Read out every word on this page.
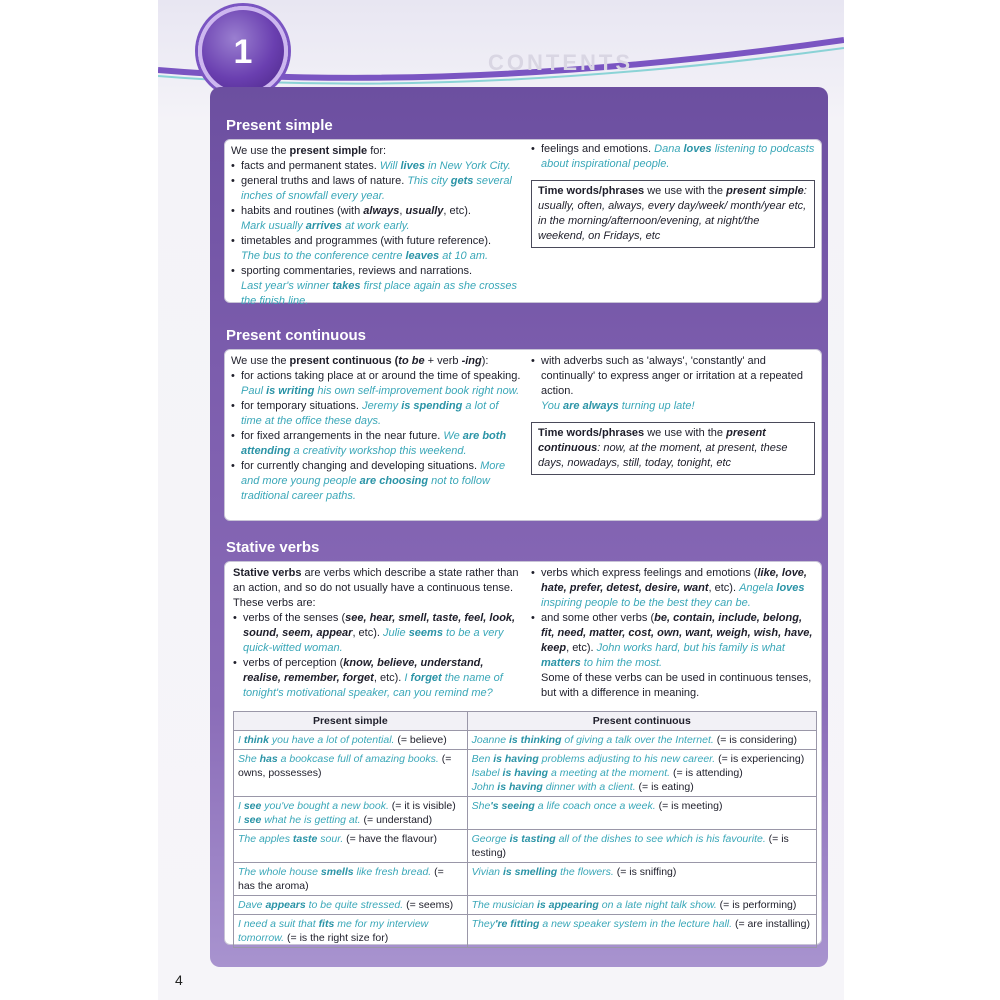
CONTENTS
1
Present simple

We use the present simple for:

• facts and permanent states. Will lives in New York City.
• general truths and laws of nature. This city gets several inches of snowfall every year.
• habits and routines (with always, usually, etc).
Mark usually arrives at work early.
• timetables and programmes (with future reference).
The bus to the conference centre leaves at 10 am.
• sporting commentaries, reviews and narrations.
Last year's winner takes first place again as she crosses the finish line.
• feelings and emotions. Dana loves listening to podcasts about inspirational people.
Time words/phrases we use with the present simple: usually, often, always, every day/week/ month/year etc, in the morning/afternoon/evening, at night/the weekend, on Fridays, etc
Present continuous

We use the present continuous (to be + verb -ing):

• for actions taking place at or around the time of speaking. Paul is writing his own self-improvement book right now.
• for temporary situations. Jeremy is spending a lot of time at the office these days.
• for fixed arrangements in the near future. We are both attending a creativity workshop this weekend.
• for currently changing and developing situations. More and more young people are choosing not to follow traditional career paths.
• with adverbs such as 'always', 'constantly' and continually' to express anger or irritation at a repeated action.
You are always turning up late!
Time words/phrases we use with the present continuous: now, at the moment, at present, these days, nowadays, still, today, tonight, etc
Stative verbs

Stative verbs are verbs which describe a state rather than an action, and so do not usually have a continuous tense. These verbs are:

• verbs of the senses (see, hear, smell, taste, feel, look, sound, seem, appear, etc). Julie seems to be a very quick-witted woman.
• verbs of perception (know, believe, understand, realise, remember, forget, etc). I forget the name of tonight's motivational speaker, can you remind me?
• verbs which express feelings and emotions (like, love, hate, prefer, detest, desire, want, etc). Angela loves inspiring people to be the best they can be.
• and some other verbs (be, contain, include, belong, fit, need, matter, cost, own, want, weigh, wish, have, keep, etc). John works hard, but his family is what matters to him the most.

Some of these verbs can be used in continuous tenses, but with a difference in meaning.

Present simple	Present continuous

I think you have a lot of potential. (= believe)	Joanne is thinking of giving a talk over the Internet. (= is considering)

She has a bookcase full of amazing books. (= owns, possesses)	Ben is having problems adjusting to his new career. (= is experiencing)
Isabel is having a meeting at the moment. (= is attending)
John is having dinner with a client. (= is eating)

I see you've bought a new book. (= it is visible)
I see what he is getting at. (= understand)	She's seeing a life coach once a week. (= is meeting)

The apples taste sour. (= have the flavour)	George is tasting all of the dishes to see which is his favourite. (= is testing)

The whole house smells like fresh bread. (= has the aroma)	Vivian is smelling the flowers. (= is sniffing)

Dave appears to be quite stressed. (= seems)	The musician is appearing on a late night talk show. (= is performing)

I need a suit that fits me for my interview tomorrow. (= is the right size for)	They're fitting a new speaker system in the lecture hall. (= are installing)
4
